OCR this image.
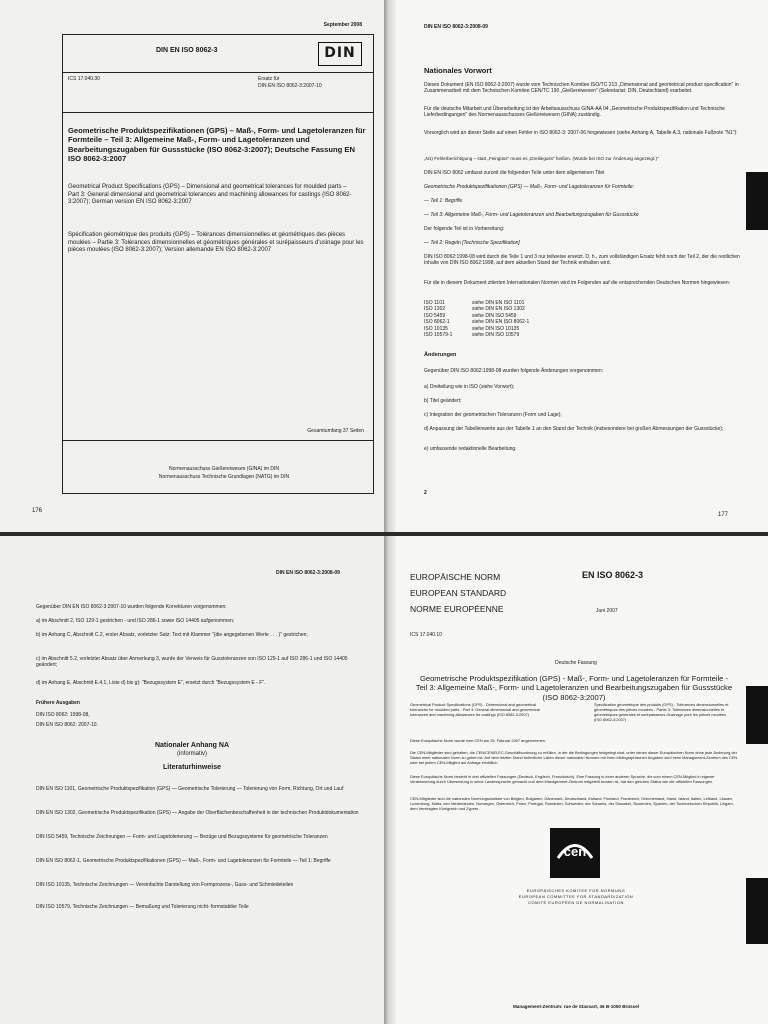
September 2008
DIN EN ISO 8062-3	DIN
ICS 17.040.30	Ersatz für
DIN EN ISO 8062-3:2007-10
Geometrische Produktspezifikationen (GPS) – Maß-, Form- und Lagetoleranzen für Formteile – Teil 3: Allgemeine Maß-, Form- und Lagetoleranzen und Bearbeitungszugaben für Gussstücke (ISO 8062-3:2007); Deutsche Fassung EN ISO 8062-3:2007
Geometrical Product Specifications (GPS) – Dimensional and geometrical tolerances for moulded parts – Part 3: General dimensional and geometrical tolerances and machining allowances for castings (ISO 8062-3:2007); German version EN ISO 8062-3:2007
Spécification géométrique des produits (GPS) – Tolérances dimensionnelles et géométriques des pièces moulées – Partie 3: Tolérances dimensionnelles et géométriques générales et surépaisseurs d'usinage pour les pièces moulées (ISO 8062-3:2007); Version allemande EN ISO 8062-3:2007
Gesamtumfang 37 Seiten
Normenausschuss Gießereiwesen (GINA) im DIN
Normenausschuss Technische Grundlagen (NATG) im DIN
176
DIN EN ISO 8062-3:2008-09
Nationales Vorwort
Dieses Dokument (EN ISO 8062-3:2007) wurde vom Technischen Komitee ISO/TC 213 „Dimensional and geometrical product specification" in Zusammenarbeit mit dem Technischen Komitee CEN/TC 190 „Gießereiwesen" (Sekretariat: DIN, Deutschland) erarbeitet.
Für die deutsche Mitarbeit und Überarbeitung ist der Arbeitsausschuss GINA-AA 04 „Geometrische Produktspezifikation und Technische Lieferbedingungen" des Normenausschusses Gießereiwesen (GINA) zuständig.
Vorsorglich wird an dieser Stelle auf einen Fehler in ISO 8062-3: 2007-06 hingewiesen (siehe Anhang A, Tabelle A.3, nationale Fußnote "N1"):
„N1) Fehlerberichtigung – statt „Feingüss" muss es „Dreilieguss" heißen. (Wurde bei ISO zur Änderung angezeigt.)"
DIN EN ISO 8062 umfasst zurzeit die folgenden Teile unter dem allgemeinen Titel
Geometrische Produktspezifikationen (GPS) — Maß-, Form- und Lagetoleranzen für Formteile:
— Teil 1: Begriffe
— Teil 3: Allgemeine Maß-, Form- und Lagetoleranzen und Bearbeitungszugaben für Gussstücke
Der folgende Teil ist in Vorbereitung:
— Teil 2: Regeln [Technische Spezifikation]
DIN ISO 8062:1998-08 wird durch die Teile 1 und 3 nur teilweise ersetzt. D. h., zum vollständigen Ersatz fehlt noch der Teil 2, der die restlichen Inhalte von DIN ISO 8062:1998, auf dem aktuellen Stand der Technik enthalten wird.
Für die in diesem Dokument zitierten Internationalen Normen wird im Folgenden auf die entsprechenden Deutschen Normen hingewiesen:
ISO 1101	siehe DIN EN ISO 1101
ISO 1302	siehe DIN EN ISO 1302
ISO 5459	siehe DIN ISO 5459
ISO 8062-1	siehe DIN EN ISO 8062-1
ISO 10135	siehe DIN ISO 10135
ISO 10579-1	siehe DIN ISO 10579
Änderungen
Gegenüber DIN ISO 8062:1998-08 wurden folgende Änderungen vorgenommen:
a) Dreiteilung wie in ISO (siehe Vorwort);
b) Titel geändert;
c) Integration der geometrischen Toleranzen (Form und Lage);
d) Anpassung der Tabellenwerte aus der Tabelle 1 an den Stand der Technik (insbesondere bei großen Abmessungen der Gussstücke);
e) umfassende redaktionelle Bearbeitung.
2
177
DIN EN ISO 8062-3:2008-09
Gegenüber DIN EN ISO 8062-3:2007-10 wurden folgende Korrekturen vorgenommen:
a) im Abschnitt 2, ISO 129-1 gestrichen - und ISO 286-1 sowie ISO 14405 aufgenommen;
b) im Anhang C, Abschnitt C.2, erster Absatz, vorletzter Satz: Text mit Klammer "(die angegebenen Werte . . . )" gestrichen;
c) im Abschnitt 5.2, vorletzter Absatz über Anmerkung 3, wurde der Verweis für Gusstoleranzen von ISO 129-1 auf ISO 286-1 und ISO 14405 geändert;
d) im Anhang E, Abschnitt E.4.1, Liste d) bis g): "Bezugssystem E", ersetzt durch "Bezugssystem E - F".
Frühere Ausgaben
DIN ISO 8062: 1998-08,
DIN EN ISO 8062: 2007-10.
Nationaler Anhang NA
(informativ)
Literaturhinweise
DIN EN ISO 1101, Geometrische Produktspezifikation (GPS) — Geometrische Tolerierung — Tolerierung von Form, Richtung, Ort und Lauf
DIN EN ISO 1302, Geometrische Produktspezifikation (GPS) — Angabe der Oberflächenbeschaffenheit in der technischen Produktdokumentation
DIN ISO 5459, Technische Zeichnungen — Form- und Lagetolerierung — Bezüge und Bezugssysteme für geometrische Toleranzen
DIN EN ISO 8062-1, Geometrische Produktspezifikationen (GPS) — Maß-, Form- und Lagetoleranzen für Formteile — Teil 1: Begriffe
DIN ISO 10135, Technische Zeichnungen — Vereinfachte Darstellung von Formprozess-, Guss- und Schmiedeteilen
DIN ISO 10579, Technische Zeichnungen — Bemaßung und Tolerierung nicht- formstabiler Teile
EUROPÄISCHE NORM
EUROPEAN STANDARD
NORME EUROPÉENNE
EN ISO 8062-3
Juni 2007
ICS 17.040.10
Deutsche Fassung
Geometrische Produktspezifikation (GPS) - Maß-, Form- und Lagetoleranzen für Formteile - Teil 3: Allgemeine Maß-, Form- und Lagetoleranzen und Bearbeitungszugaben für Gussstücke (ISO 8062-3:2007)
Geometrical Product Specifications (GPS) - Dimensional and geometrical tolerances for moulded parts - Part 3: General dimensional and geometrical tolerances and machining allowances for castings (ISO 8062-3:2007)
Spécification géométrique des produits (GPS) - Tolérances dimensionnelles et géométriques des pièces moulées - Partie 3: Tolérances dimensionnelles et géométriques générales et surépaisseurs d'usinage pour les pièces moulées (ISO 8062-3:2007)
Diese Europäische Norm wurde vom CEN am 25. Februar 2007 angenommen.
Die CEN-Mitglieder sind gehalten, die CEN/CENELEC-Geschäftsordnung zu erfüllen, in der die Bedingungen festgelegt sind, unter denen dieser Europäischen Norm ohne jede Änderung der Status einer nationalen Norm zu geben ist. Auf dem letzten Stand befindliche Listen dieser nationalen Normen mit ihren bibliographischen Angaben sind beim Management-Zentrum des CEN oder bei jedem CEN-Mitglied auf Anfrage erhältlich.
Diese Europäische Norm besteht in drei offiziellen Fassungen (Deutsch, Englisch, Französisch). Eine Fassung in einer anderen Sprache, die vom einem CEN-Mitglied in eigener Verantwortung durch Übersetzung in seine Landessprache gemacht und dem Management-Zentrum mitgeteilt worden ist, hat den gleichen Status wie die offiziellen Fassungen.
CEN-Mitglieder sind die nationalen Normungsinstitute von Belgien, Bulgarien, Dänemark, Deutschland, Estland, Finnland, Frankreich, Griechenland, Irland, Island, Italien, Lettland, Litauen, Luxemburg, Malta, den Niederlanden, Norwegen, Österreich, Polen, Portugal, Rumänien, Schweden, der Schweiz, der Slowakei, Slowenien, Spanien, der Tschechischen Republik, Ungarn, dem Vereinigten Königreich und Zypern.
$^{cen}$
EUROPÄISCHES KOMITEE FÜR NORMUNG
EUROPEAN COMMITTEE FOR STANDARDIZATION
COMITÉ EUROPÉEN DE NORMALISATION
Management-Zentrum: rue de Stassart, 36 B-1050 Brüssel
